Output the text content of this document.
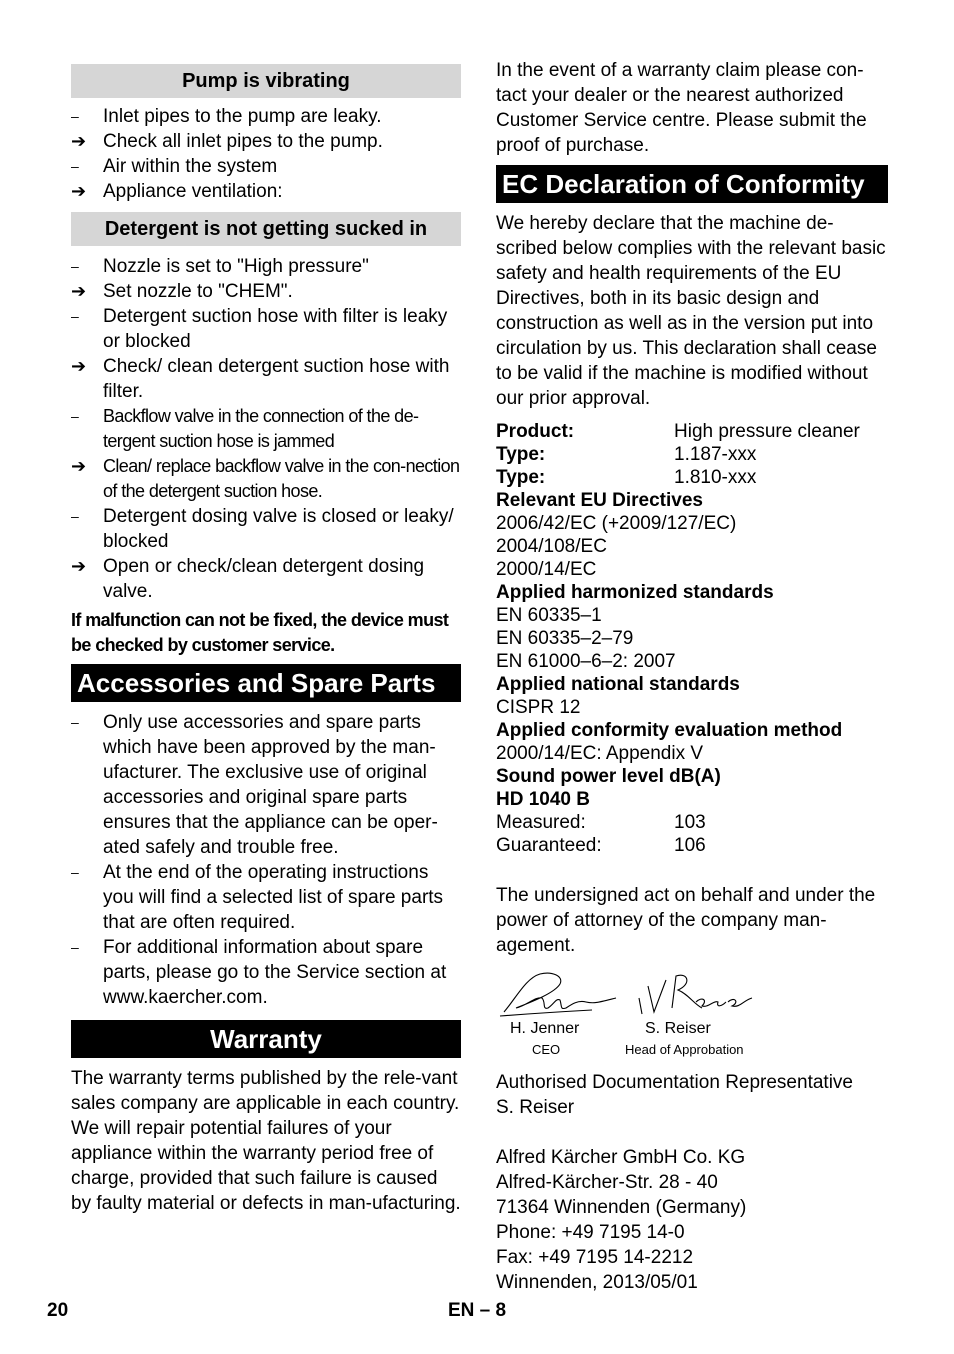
Pump is vibrating
–	Inlet pipes to the pump are leaky.
➔ Check all inlet pipes to the pump.
–	Air within the system
➔ Appliance ventilation:
Detergent is not getting sucked in
–	Nozzle is set to "High pressure"
➔ Set nozzle to "CHEM".
–	Detergent suction hose with filter is leaky or blocked
➔ Check/ clean detergent suction hose with filter.
–	Backflow valve in the connection of the de-tergent suction hose is jammed
➔ Clean/ replace backflow valve in the con-nection of the detergent suction hose.
–	Detergent dosing valve is closed or leaky/ blocked
➔ Open or check/clean detergent dosing valve.

If malfunction can not be fixed, the device must be checked by customer service.

Accessories and Spare Parts
–	Only use accessories and spare parts which have been approved by the man-ufacturer. The exclusive use of original accessories and original spare parts ensures that the appliance can be oper-ated safely and trouble free.
–	At the end of the operating instructions you will find a selected list of spare parts that are often required.
–	For additional information about spare parts, please go to the Service section at www.kaercher.com.
Warranty

The warranty terms published by the rele-vant sales company are applicable in each country. We will repair potential failures of your appliance within the warranty period free of charge, provided that such failure is caused by faulty material or defects in man-ufacturing.

In the event of a warranty claim please con-tact your dealer or the nearest authorized Customer Service centre. Please submit the proof of purchase.

EC Declaration of Conformity

We hereby declare that the machine de-scribed below complies with the relevant basic safety and health requirements of the EU Directives, both in its basic design and construction as well as in the version put into circulation by us. This declaration shall cease to be valid if the machine is modified without our prior approval.

Product:	High pressure cleaner
Type:	1.187-xxx
Type:	1.810-xxx
Relevant EU Directives	
2006/42/EC (+2009/127/EC)	
2004/108/EC	
2000/14/EC	
Applied harmonized standards	
EN 60335–1	
EN 60335–2–79	
EN 61000–6–2: 2007	
Applied national standards	
CISPR 12	
Applied conformity evaluation method	
2000/14/EC: Appendix V	
Sound power level dB(A)	
HD 1040 B	
Measured:	103
Guaranteed:	106

The undersigned act on behalf and under the power of attorney of the company man-agement.

H. Jenner
CEO
S. Reiser
Head of Approbation

Authorised Documentation Representative

S. Reiser

Alfred Kärcher GmbH Co. KG

Alfred-Kärcher-Str. 28 - 40

71364 Winnenden (Germany)

Phone: +49 7195 14-0

Fax: +49 7195 14-2212

Winnenden, 2013/05/01

20	EN – 8
